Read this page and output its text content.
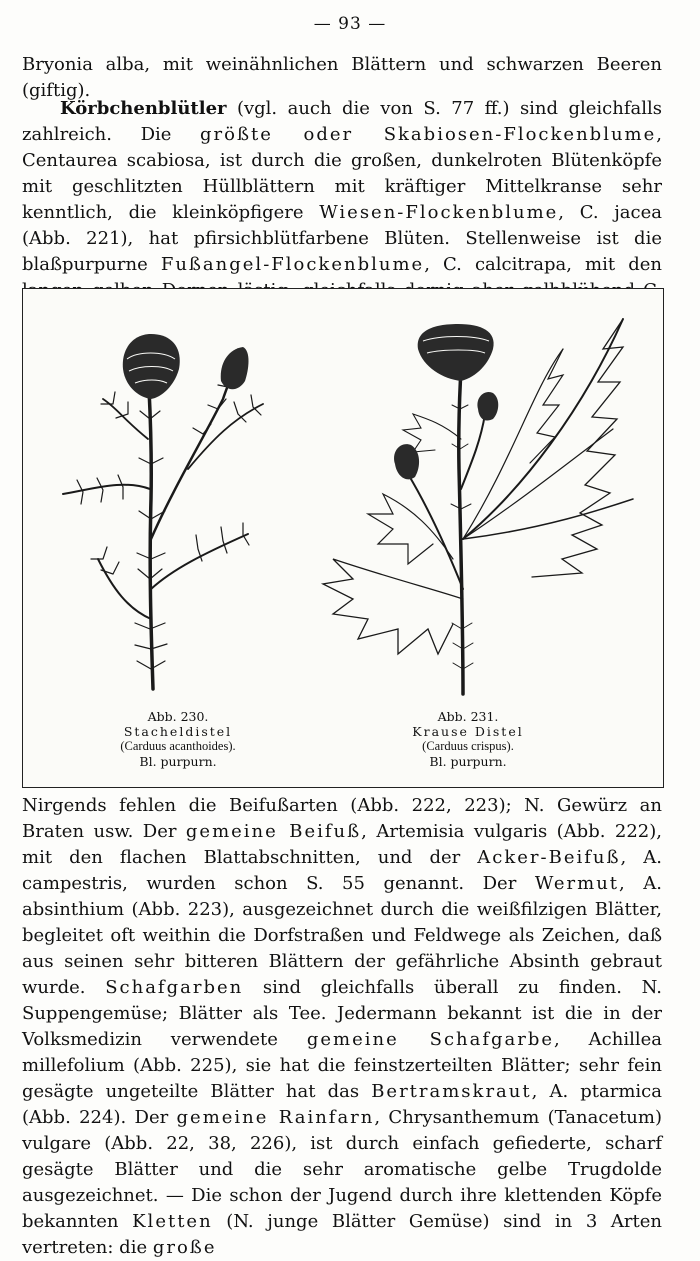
— 93 —

Bryonia alba, mit weinähnlichen Blättern und schwarzen Beeren (giftig).

Körbchenblütler (vgl. auch die von S. 77 ff.) sind gleichfalls zahlreich. Die größte oder Skabiosen-Flockenblume, Centaurea scabiosa, ist durch die großen, dunkelroten Blütenköpfe mit geschlitzten Hüllblättern mit kräftiger Mittelkranse sehr kenntlich, die kleinköpfigere Wiesen-Flockenblume, C. jacea (Abb. 221), hat pfirsichblütfarbene Blüten. Stellenweise ist die blaßpurpurne Fußangel-Flockenblume, C. calcitrapa, mit den

Abb. 230.
Stacheldistel
(Carduus acanthoides).
Bl. purpurn.
Abb. 231.
Krause Distel
(Carduus crispus).
Bl. purpurn.

Nirgends fehlen die Beifußarten (Abb. 222, 223); N. Gewürz an Braten usw. Der gemeine Beifuß, Artemisia vulgaris (Abb. 222), mit den flachen Blattabschnitten, und der Acker-Beifuß, A. campestris, wurden schon S. 55 genannt. Der Wermut, A. absinthium (Abb. 223), ausgezeichnet durch die weißfilzigen Blätter, begleitet oft weithin die Dorfstraßen und Feldwege als Zeichen, daß aus seinen sehr bitteren Blättern der gefährliche Absinth gebraut wurde. Schafgarben sind gleichfalls überall zu finden. N. Suppengemüse; Blätter als Tee. Jedermann bekannt ist die in der Volksmedizin verwendete gemeine Schafgarbe, Achillea millefolium (Abb. 225), sie hat die feinstzerteilten Blätter; sehr fein gesägte ungeteilte Blätter hat das Bertramskraut, A. ptarmica (Abb. 224). Der gemeine Rainfarn, Chrysanthemum (Tanacetum) vulgare (Abb. 22, 38, 226), ist durch einfach gefiederte, scharf gesägte Blätter und die sehr aromatische gelbe Trugdolde ausgezeichnet. — Die schon der Jugend durch ihre klettenden Köpfe bekannten Kletten (N. junge Blätter Gemüse) sind in 3 Arten vertreten: die große
